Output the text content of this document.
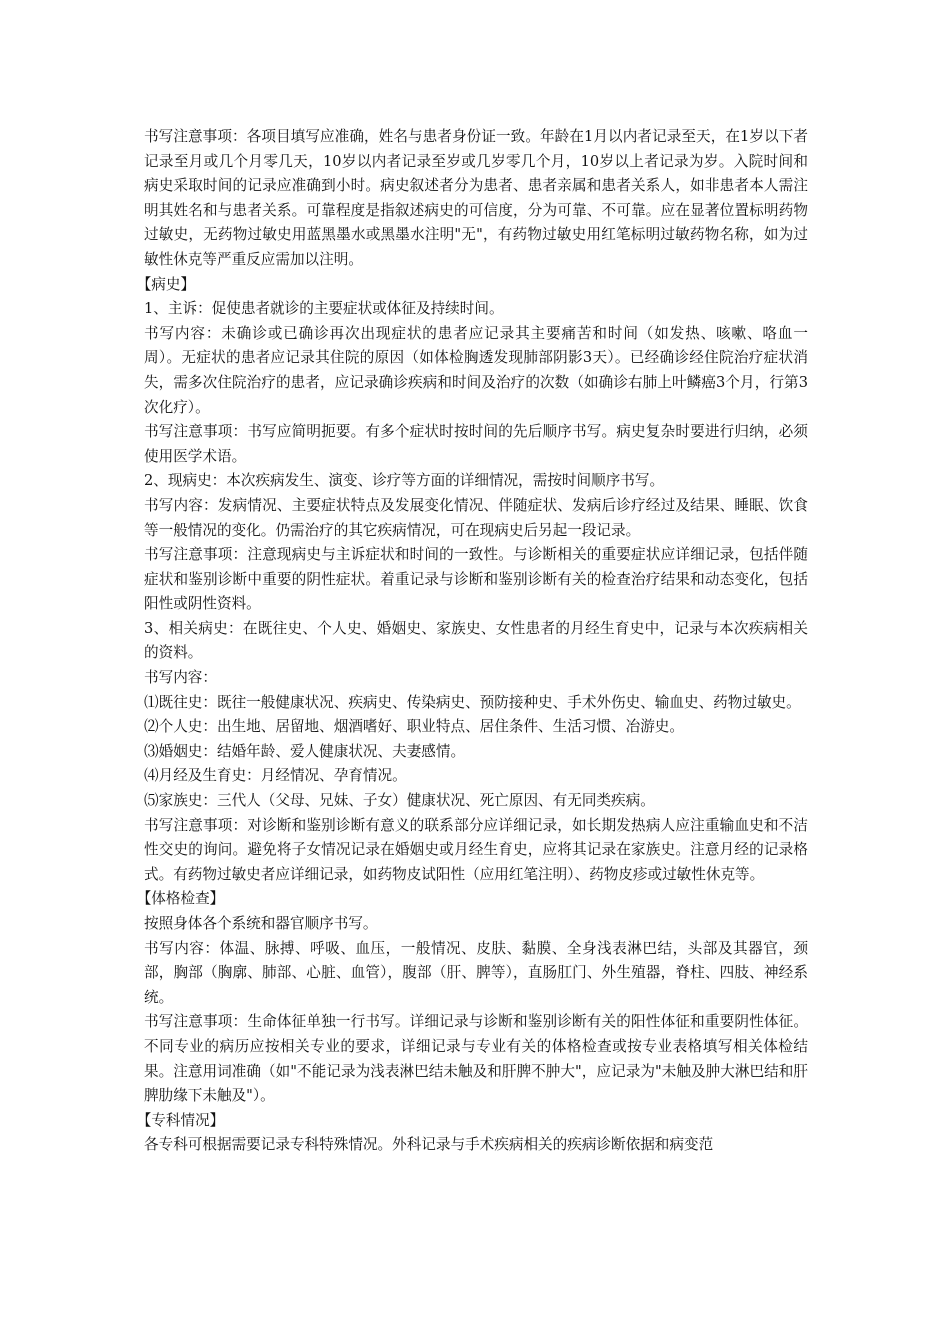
书写注意事项：各项目填写应准确，姓名与患者身份证一致。年龄在1月以内者记录至天，在1岁以下者记录至月或几个月零几天，10岁以内者记录至岁或几岁零几个月，10岁以上者记录为岁。入院时间和病史采取时间的记录应准确到小时。病史叙述者分为患者、患者亲属和患者关系人，如非患者本人需注明其姓名和与患者关系。可靠程度是指叙述病史的可信度，分为可靠、不可靠。应在显著位置标明药物过敏史，无药物过敏史用蓝黑墨水或黑墨水注明"无"，有药物过敏史用红笔标明过敏药物名称，如为过敏性休克等严重反应需加以注明。

【病史】

1、主诉：促使患者就诊的主要症状或体征及持续时间。

书写内容：未确诊或已确诊再次出现症状的患者应记录其主要痛苦和时间（如发热、咳嗽、咯血一周）。无症状的患者应记录其住院的原因（如体检胸透发现肺部阴影3天）。已经确诊经住院治疗症状消失，需多次住院治疗的患者，应记录确诊疾病和时间及治疗的次数（如确诊右肺上叶鳞癌3个月，行第3次化疗）。

书写注意事项：书写应简明扼要。有多个症状时按时间的先后顺序书写。病史复杂时要进行归纳，必须使用医学术语。

2、现病史：本次疾病发生、演变、诊疗等方面的详细情况，需按时间顺序书写。

书写内容：发病情况、主要症状特点及发展变化情况、伴随症状、发病后诊疗经过及结果、睡眠、饮食等一般情况的变化。仍需治疗的其它疾病情况，可在现病史后另起一段记录。

书写注意事项：注意现病史与主诉症状和时间的一致性。与诊断相关的重要症状应详细记录，包括伴随症状和鉴别诊断中重要的阴性症状。着重记录与诊断和鉴别诊断有关的检查治疗结果和动态变化，包括阳性或阴性资料。

3、相关病史：在既往史、个人史、婚姻史、家族史、女性患者的月经生育史中，记录与本次疾病相关的资料。

书写内容：

⑴既往史：既往一般健康状况、疾病史、传染病史、预防接种史、手术外伤史、输血史、药物过敏史。

⑵个人史：出生地、居留地、烟酒嗜好、职业特点、居住条件、生活习惯、冶游史。

⑶婚姻史：结婚年龄、爱人健康状况、夫妻感情。

⑷月经及生育史：月经情况、孕育情况。

⑸家族史：三代人（父母、兄妹、子女）健康状况、死亡原因、有无同类疾病。

书写注意事项：对诊断和鉴别诊断有意义的联系部分应详细记录，如长期发热病人应注重输血史和不洁性交史的询问。避免将子女情况记录在婚姻史或月经生育史，应将其记录在家族史。注意月经的记录格式。有药物过敏史者应详细记录，如药物皮试阳性（应用红笔注明）、药物皮疹或过敏性休克等。

【体格检查】

按照身体各个系统和器官顺序书写。

书写内容：体温、脉搏、呼吸、血压，一般情况、皮肤、黏膜、全身浅表淋巴结，头部及其器官，颈部，胸部（胸廓、肺部、心脏、血管），腹部（肝、脾等），直肠肛门、外生殖器，脊柱、四肢、神经系统。

书写注意事项：生命体征单独一行书写。详细记录与诊断和鉴别诊断有关的阳性体征和重要阴性体征。不同专业的病历应按相关专业的要求，详细记录与专业有关的体格检查或按专业表格填写相关体检结果。注意用词准确（如"不能记录为浅表淋巴结未触及和肝脾不肿大"，应记录为"未触及肿大淋巴结和肝脾肋缘下未触及"）。

【专科情况】

各专科可根据需要记录专科特殊情况。外科记录与手术疾病相关的疾病诊断依据和病变范
